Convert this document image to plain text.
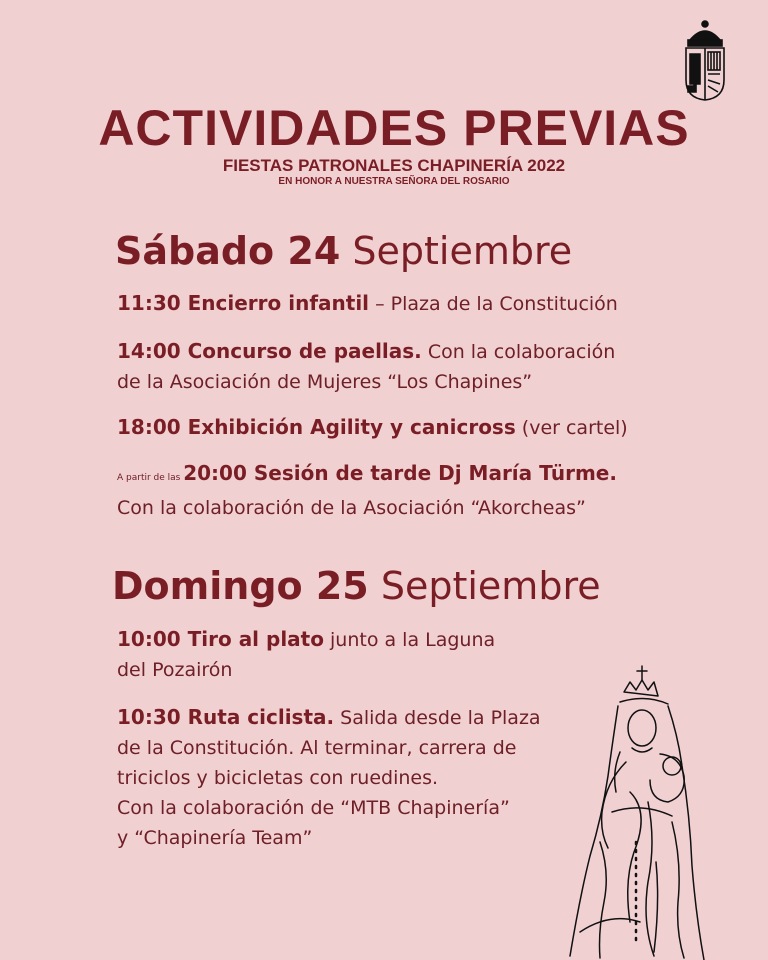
ACTIVIDADES PREVIAS
FIESTAS PATRONALES CHAPINERÍA 2022
EN HONOR A NUESTRA SEÑORA DEL ROSARIO
Sábado 24 Septiembre
11:30 Encierro infantil – Plaza de la Constitución
14:00 Concurso de paellas. Con la colaboración
de la Asociación de Mujeres “Los Chapines”
18:00 Exhibición Agility y canicross (ver cartel)
A partir de las 20:00 Sesión de tarde Dj María Türme.
Con la colaboración de la Asociación “Akorcheas”
Domingo 25 Septiembre
10:00 Tiro al plato junto a la Laguna
del Pozairón
10:30 Ruta ciclista. Salida desde la Plaza
de la Constitución. Al terminar, carrera de
triciclos y bicicletas con ruedines.
Con la colaboración de “MTB Chapinería”
y “Chapinería Team”
